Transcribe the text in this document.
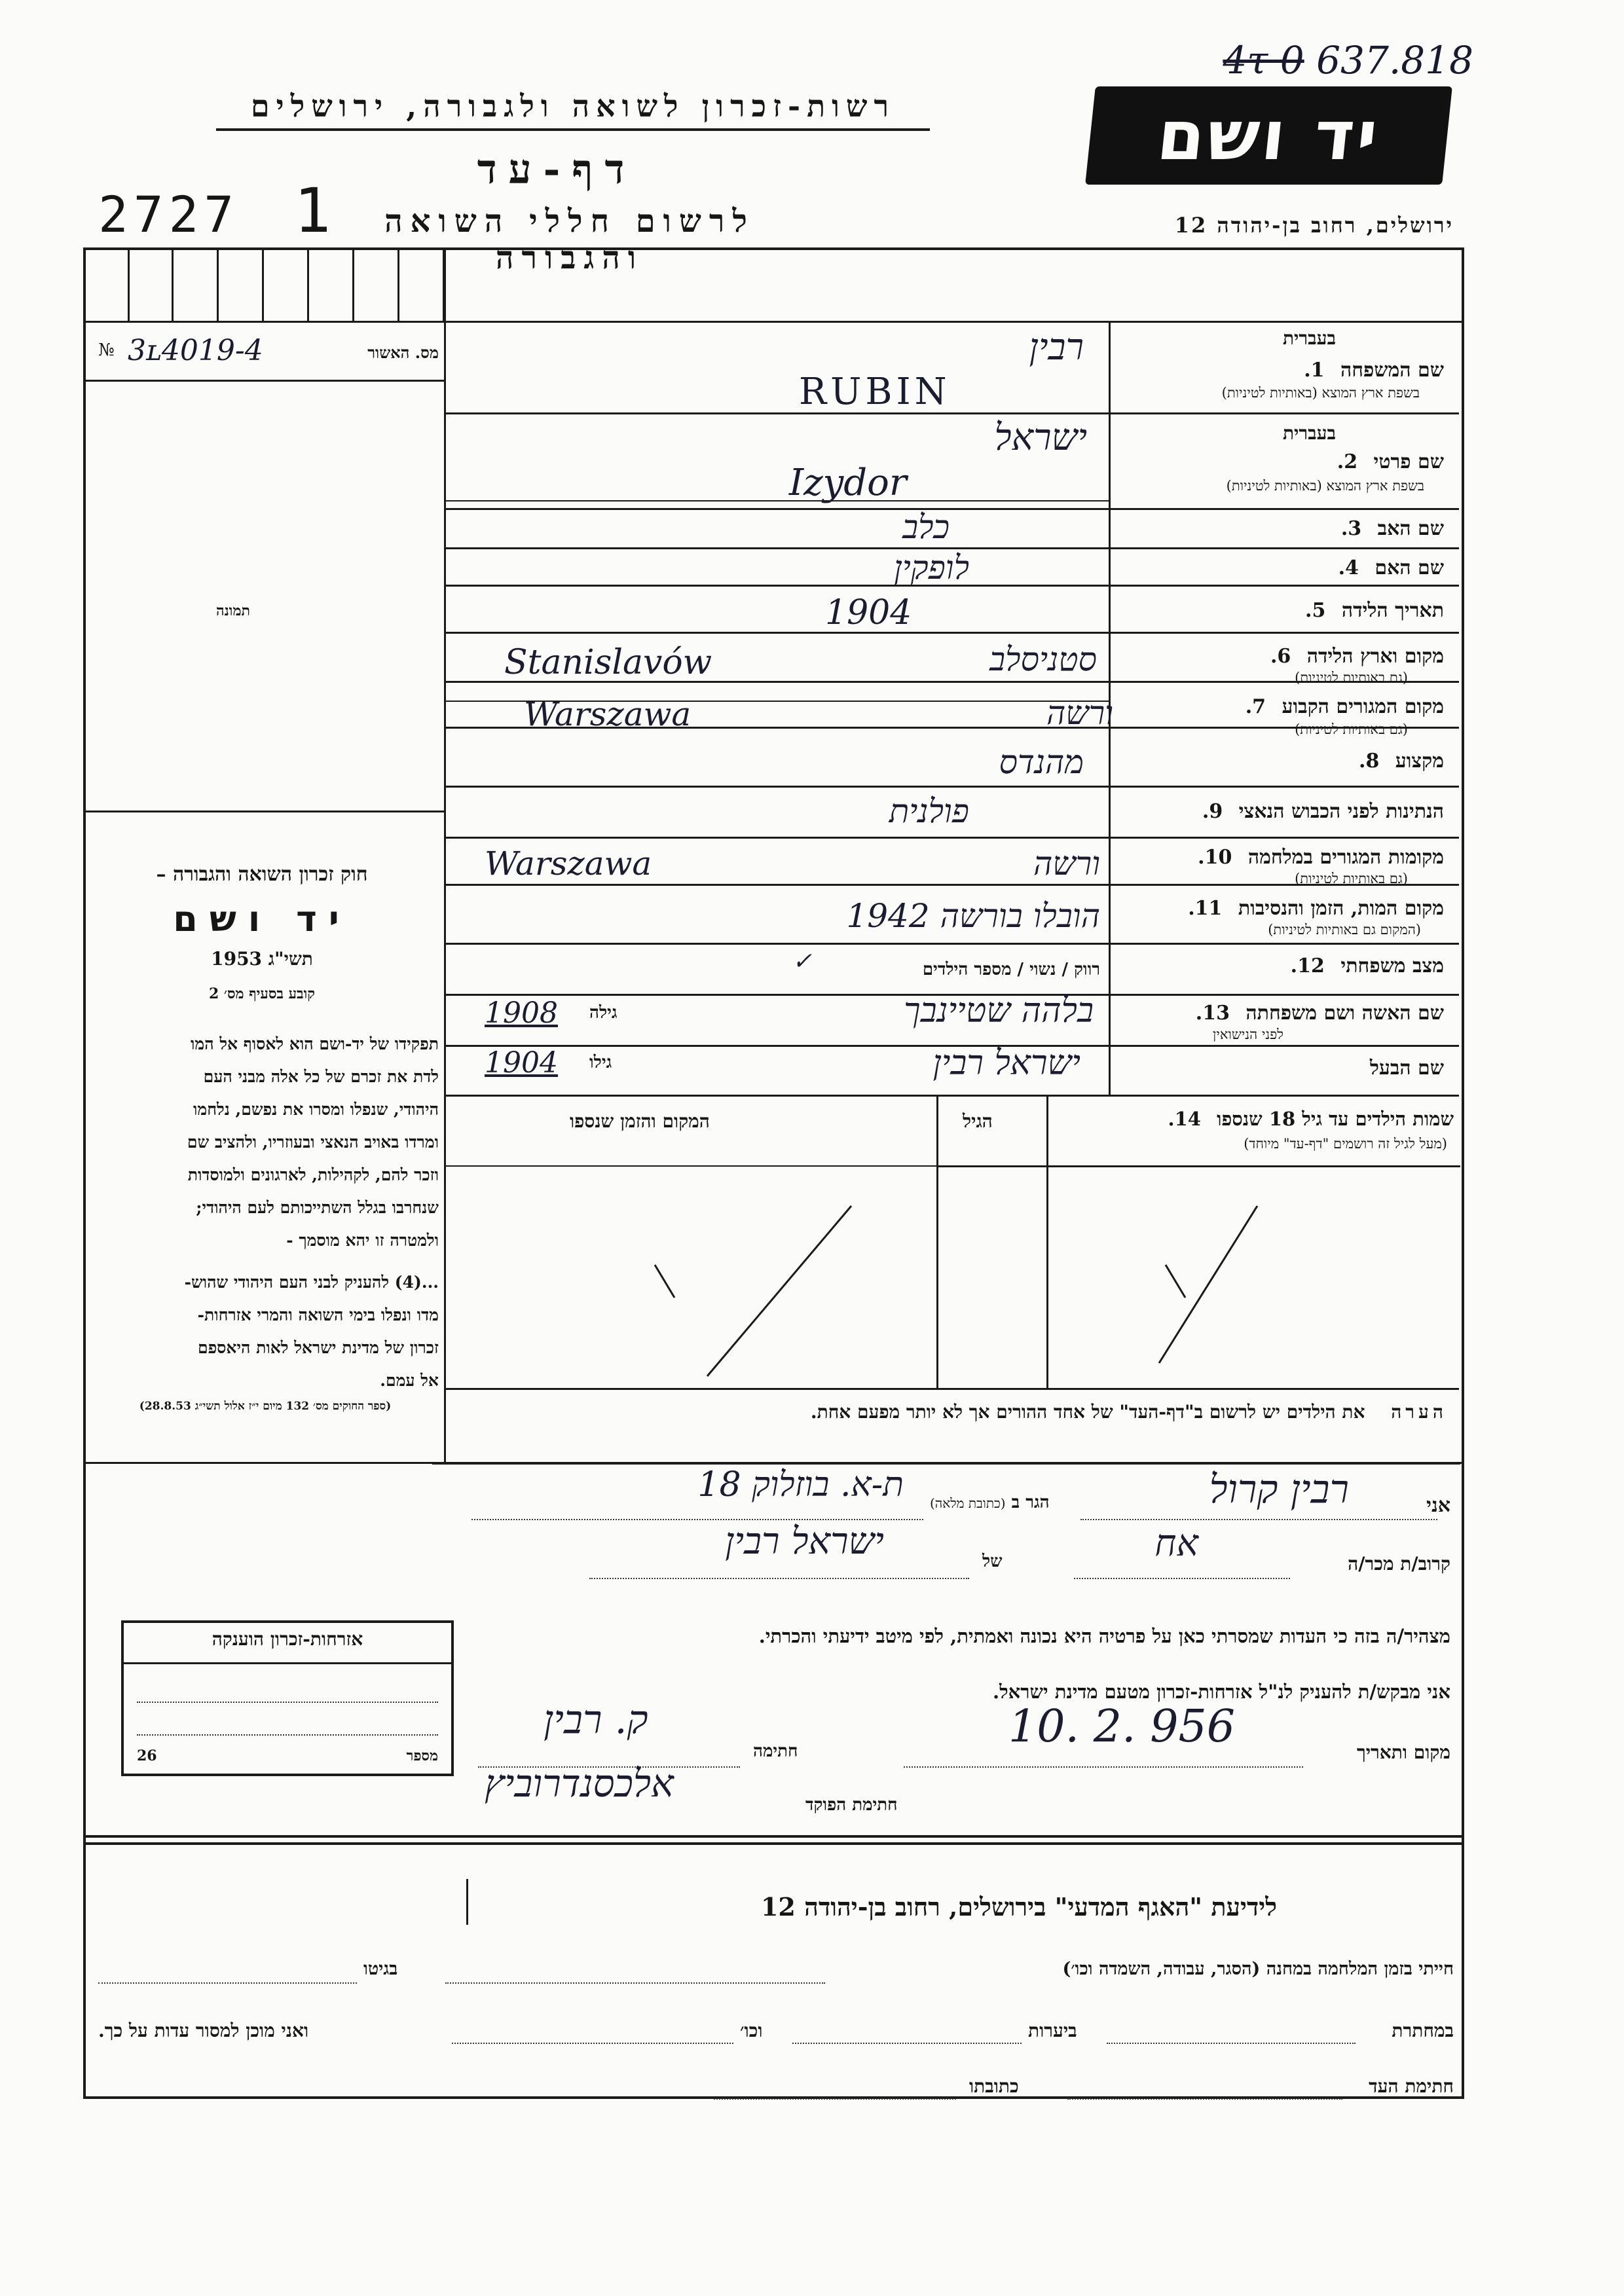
4τ 0 637.818
רשות-זכרון לשואה ולגבורה, ירושלים	יד ושם
דף-עד
2727 1	לרשום חללי השואה והגבורה
ירושלים, רחוב בן-יהודה 12
№ 3ʟ4019-4	מס. האשור
תמונה
חוק זכרון השואה והגבורה –
יד ושם
תשי"ג 1953
קובע בסעיף מס׳ 2
תפקידו של יד-ושם הוא לאסוף אל המו
לדת את זכרם של כל אלה מבני העם
היהודי, שנפלו ומסרו את נפשם, נלחמו
ומרדו באויב הנאצי ובעוזריו, ולהציב שם
וזכר להם, לקהילות, לארגונים ולמוסדות
שנחרבו בגלל השתייכותם לעם היהודי;
ולמטרה זו יהא מוסמך -
...(4) להעניק לבני העם היהודי שהוש-
מדו ונפלו בימי השואה והמרי אזרחות-
זכרון של מדינת ישראל לאות היאספם
אל עמם.
(ספר החוקים מס׳ 132 מיום י״ז אלול תשי״ג 28.8.53)
בעברית
שם המשפחה 1.
בשפת ארץ המוצא (באותיות לטיניות)
רבין
RUBIN
בעברית
שם פרטי 2.
בשפת ארץ המוצא (באותיות לטיניות)
ישראל
Izydor
שם האב 3.
כלב
שם האם 4.
לופקין
תאריך הלידה 5.
1904
מקום וארץ הלידה 6.
(גם באותיות לטיניות)
סטניסלב
Stanislavów
מקום המגורים הקבוע 7.
(גם באותיות לטיניות)
ורשה
Warszawa
מקצוע 8.
מהנדס
הנתינות לפני הכבוש הנאצי 9.
פולנית
מקומות המגורים במלחמה 10.
(גם באותיות לטיניות)
ורשה
Warszawa
מקום המות, הזמן והנסיבות 11.
(המקום גם באותיות לטיניות)
הובלו בורשה 1942
מצב משפחתי 12.
רווק / נשוי / מספר הילדים
✓
שם האשה ושם משפחתה 13.
לפני הנישואין
1908 גילה	בלהה שטיינבך
שם הבעל
1904 גילו	ישראל רבין
שמות הילדים עד גיל 18 שנספו 14.
(מעל לגיל זה רושמים "דף-עד" מיוחד)
הגיל
המקום והזמן שנספו
הערה את הילדים יש לרשום ב"דף-העד" של אחד ההורים אך לא יותר מפעם אחת.
אני
רבין קרול
הגר ב (כתובת מלאה)
ת-א. בוזלוק 18
קרוב/ת מכר/ה
אח
של
ישראל רבין
מצהיר/ה בזה כי העדות שמסרתי כאן על פרטיה היא נכונה ואמתית, לפי מיטב ידיעתי והכרתי.
אני מבקש/ת להעניק לנ"ל אזרחות-זכרון מטעם מדינת ישראל.
מקום ותאריך
10. 2. 956
חתימה
ק. רבין
חתימת הפוקד
אלכסנדרוביץ
אזרחות-זכרון הוענקה
מספר
26
לידיעת "האגף המדעי" בירושלים, רחוב בן-יהודה 12
חייתי בזמן המלחמה במחנה (הסגר, עבודה, השמדה וכו׳)
בגיטו
במחתרת
ביערות
וכו׳
ואני מוכן למסור עדות על כך.
חתימת העד
כתובתו
